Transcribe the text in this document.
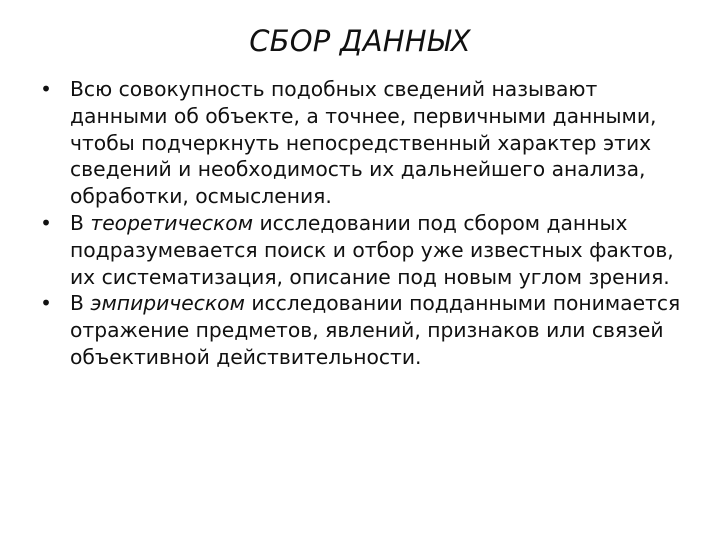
СБОР ДАННЫХ
• Всю совокупность подобных сведений называют данными об объекте, а точнее, первичными данными, чтобы подчеркнуть непосредственный характер этих сведений и необходимость их дальнейшего анализа, обработки, осмысления.
• В теоретическом исследовании под сбором данных подразумевается поиск и отбор уже известных фактов, их систематизация, описание под новым углом зрения.
• В эмпирическом исследовании подданными понимается отражение предметов, явлений, признаков или связей объективной действительности.
